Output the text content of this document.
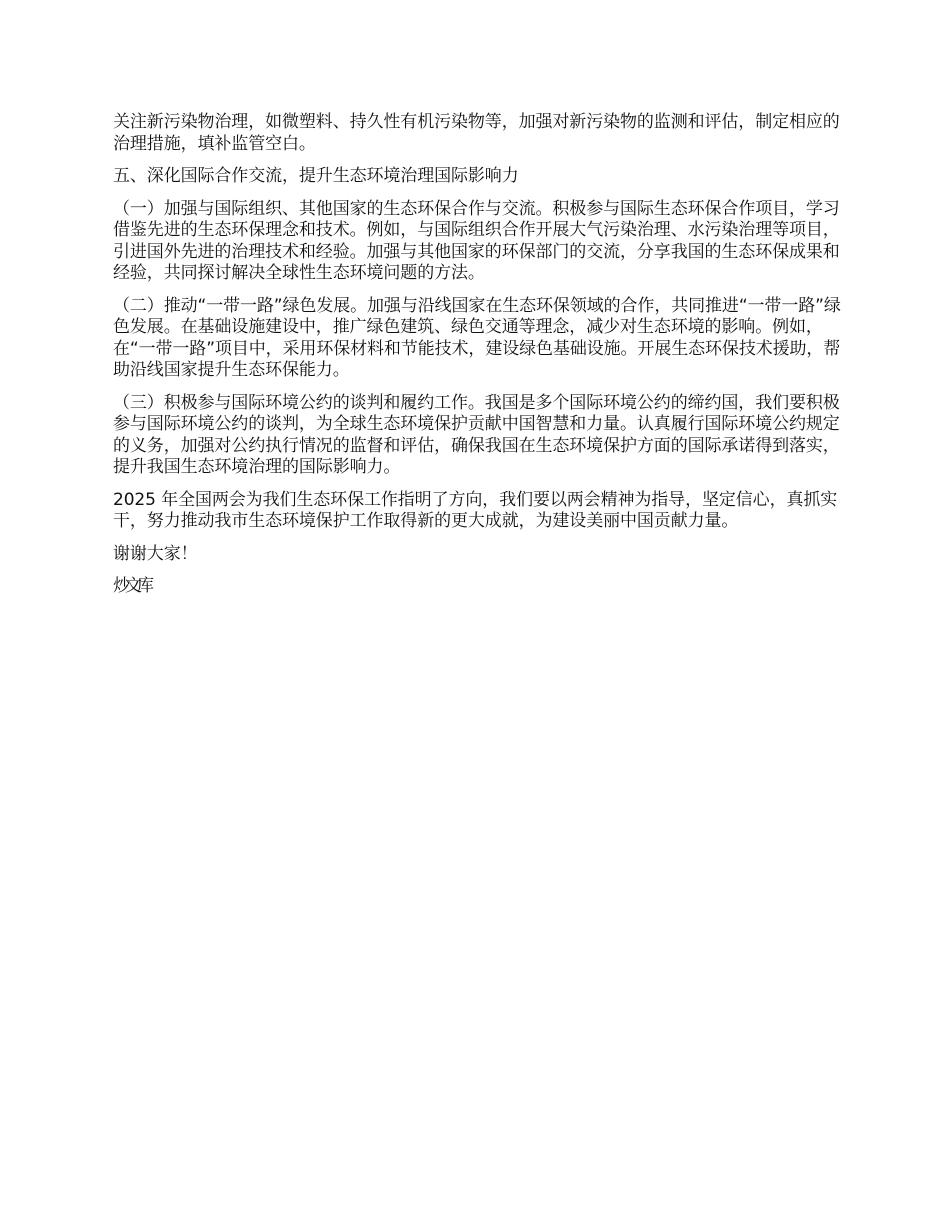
关注新污染物治理，如微塑料、持久性有机污染物等，加强对新污染物的监测和评估，制定相应的治理措施，填补监管空白。

五、深化国际合作交流，提升生态环境治理国际影响力

（一）加强与国际组织、其他国家的生态环保合作与交流。积极参与国际生态环保合作项目，学习借鉴先进的生态环保理念和技术。例如，与国际组织合作开展大气污染治理、水污染治理等项目，引进国外先进的治理技术和经验。加强与其他国家的环保部门的交流，分享我国的生态环保成果和经验，共同探讨解决全球性生态环境问题的方法。

（二）推动“一带一路”绿色发展。加强与沿线国家在生态环保领域的合作，共同推进“一带一路”绿色发展。在基础设施建设中，推广绿色建筑、绿色交通等理念，减少对生态环境的影响。例如，在“一带一路”项目中，采用环保材料和节能技术，建设绿色基础设施。开展生态环保技术援助，帮助沿线国家提升生态环保能力。

（三）积极参与国际环境公约的谈判和履约工作。我国是多个国际环境公约的缔约国，我们要积极参与国际环境公约的谈判，为全球生态环境保护贡献中国智慧和力量。认真履行国际环境公约规定的义务，加强对公约执行情况的监督和评估，确保我国在生态环境保护方面的国际承诺得到落实，提升我国生态环境治理的国际影响力。

2025 年全国两会为我们生态环保工作指明了方向，我们要以两会精神为指导，坚定信心，真抓实干，努力推动我市生态环境保护工作取得新的更大成就，为建设美丽中国贡献力量。

谢谢大家！

炒文库
